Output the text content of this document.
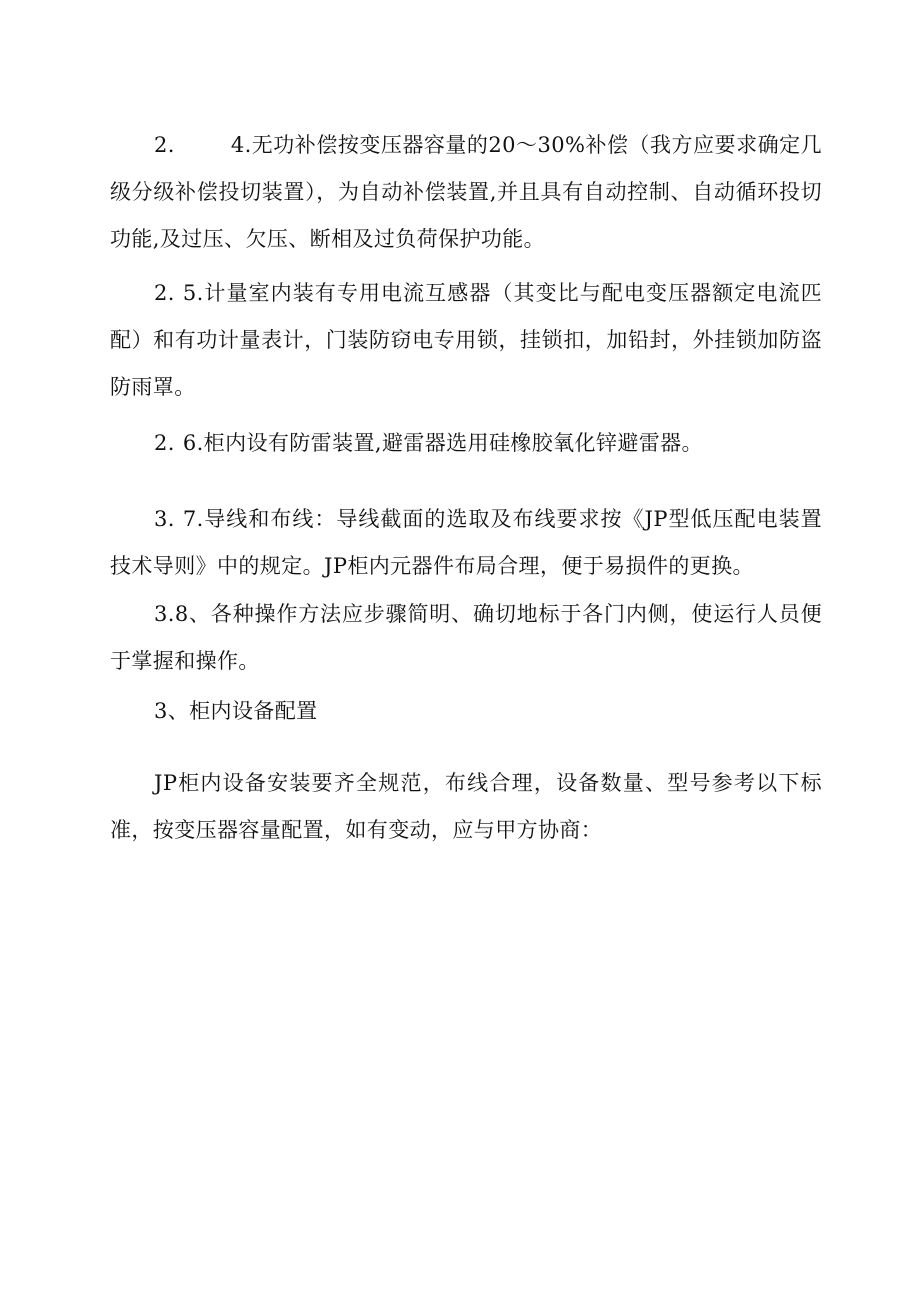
2.	4.无功补偿按变压器容量的20～30%补偿（我方应要求确定几级分级补偿投切装置），为自动补偿装置,并且具有自动控制、自动循环投切功能,及过压、欠压、断相及过负荷保护功能。

2. 5.计量室内装有专用电流互感器（其变比与配电变压器额定电流匹配）和有功计量表计，门装防窃电专用锁，挂锁扣，加铅封，外挂锁加防盗防雨罩。

2. 6.柜内设有防雷装置,避雷器选用硅橡胶氧化锌避雷器。

3. 7.导线和布线：导线截面的选取及布线要求按《JP型低压配电装置技术导则》中的规定。JP柜内元器件布局合理，便于易损件的更换。

3.8、各种操作方法应步骤简明、确切地标于各门内侧，使运行人员便于掌握和操作。

3、柜内设备配置

JP柜内设备安装要齐全规范，布线合理，设备数量、型号参考以下标准，按变压器容量配置，如有变动，应与甲方协商：
